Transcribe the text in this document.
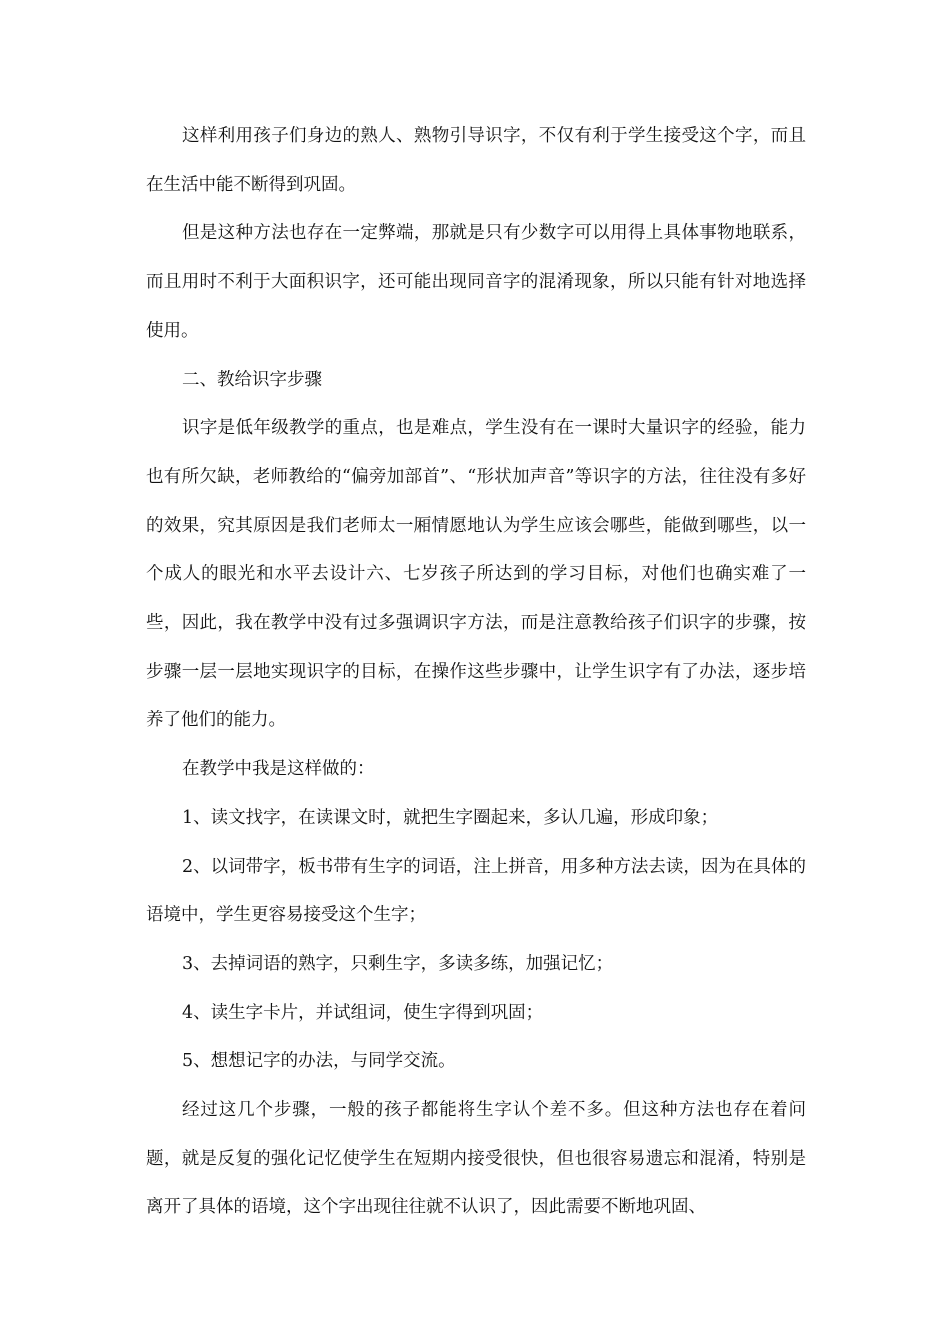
这样利用孩子们身边的熟人、熟物引导识字，不仅有利于学生接受这个字，而且在生活中能不断得到巩固。

但是这种方法也存在一定弊端，那就是只有少数字可以用得上具体事物地联系，而且用时不利于大面积识字，还可能出现同音字的混淆现象，所以只能有针对地选择使用。

二、教给识字步骤

识字是低年级教学的重点，也是难点，学生没有在一课时大量识字的经验，能力也有所欠缺，老师教给的“偏旁加部首”、“形状加声音”等识字的方法，往往没有多好的效果，究其原因是我们老师太一厢情愿地认为学生应该会哪些，能做到哪些，以一个成人的眼光和水平去设计六、七岁孩子所达到的学习目标，对他们也确实难了一些，因此，我在教学中没有过多强调识字方法，而是注意教给孩子们识字的步骤，按步骤一层一层地实现识字的目标，在操作这些步骤中，让学生识字有了办法，逐步培养了他们的能力。

在教学中我是这样做的：

1、读文找字，在读课文时，就把生字圈起来，多认几遍，形成印象；

2、以词带字，板书带有生字的词语，注上拼音，用多种方法去读，因为在具体的语境中，学生更容易接受这个生字；

3、去掉词语的熟字，只剩生字，多读多练，加强记忆；

4、读生字卡片，并试组词，使生字得到巩固；

5、想想记字的办法，与同学交流。

经过这几个步骤，一般的孩子都能将生字认个差不多。但这种方法也存在着问题，就是反复的强化记忆使学生在短期内接受很快，但也很容易遗忘和混淆，特别是离开了具体的语境，这个字出现往往就不认识了，因此需要不断地巩固、
